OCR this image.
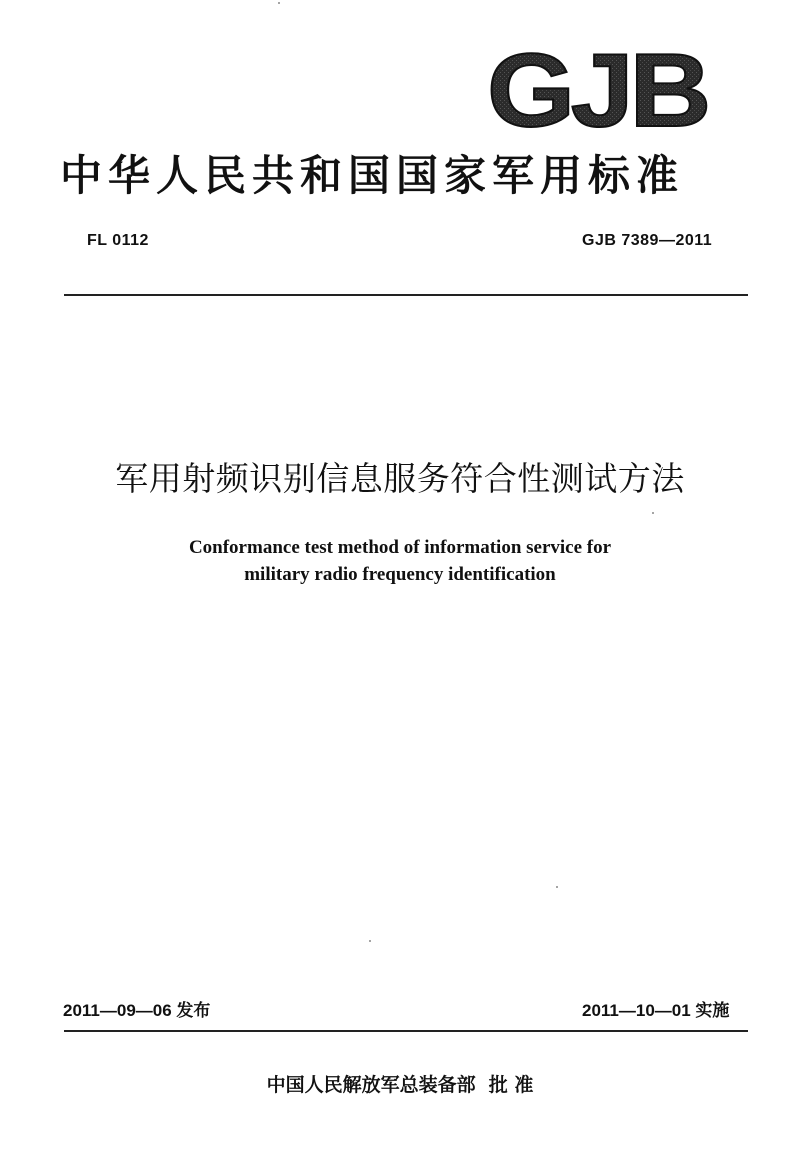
GJB
中华人民共和国国家军用标准
FL 0112	GJB 7389—2011
军用射频识别信息服务符合性测试方法
Conformance test method of information service for
military radio frequency identification
2011—09—06 发布	2011—10—01 实施
中国人民解放军总装备部  批 准
